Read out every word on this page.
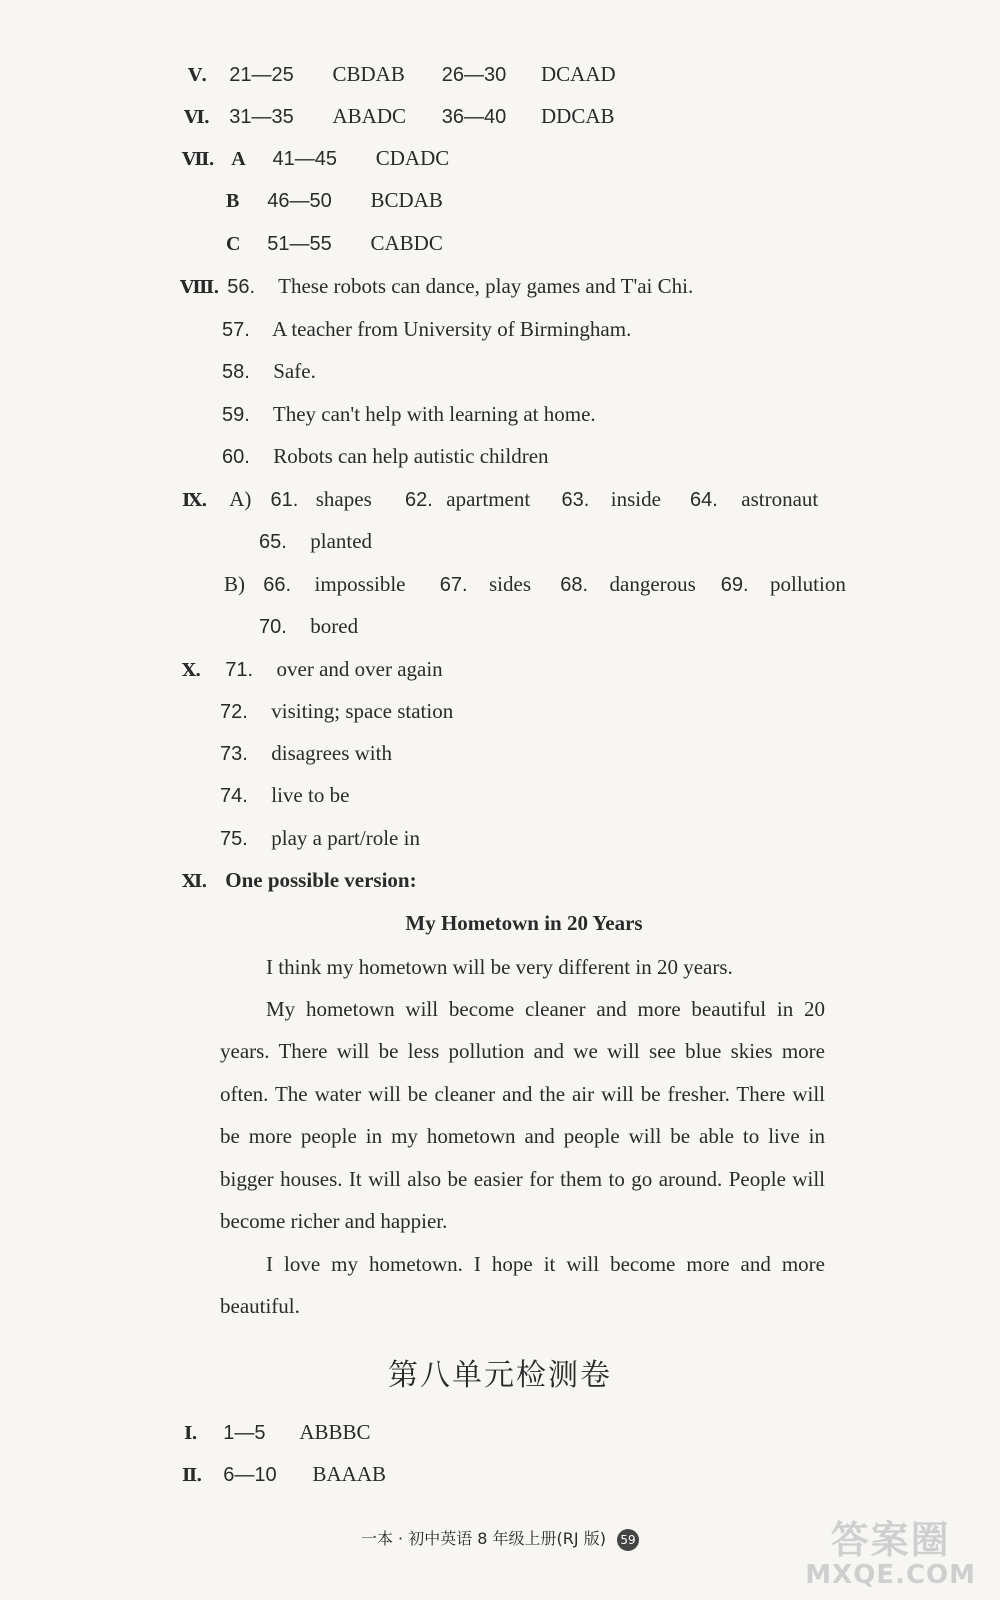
Ⅴ. 21—25 CBDAB 26—30 DCAAD
Ⅵ. 31—35 ABADC 36—40 DDCAB
Ⅶ. A 41—45 CDADC
B 46—50 BCDAB
C 51—55 CABDC
Ⅷ. 56. These robots can dance, play games and T'ai Chi.
57. A teacher from University of Birmingham.
58. Safe.
59. They can't help with learning at home.
60. Robots can help autistic children
Ⅸ. A) 61. shapes 62. apartment 63. inside 64. astronaut
65. planted
B) 66. impossible 67. sides 68. dangerous 69. pollution
70. bored
Ⅹ. 71. over and over again
72. visiting; space station
73. disagrees with
74. live to be
75. play a part/role in
Ⅺ. One possible version:
My Hometown in 20 Years
I think my hometown will be very different in 20 years.
My hometown will become cleaner and more beautiful in 20 years. There will be less pollution and we will see blue skies more often. The water will be cleaner and the air will be fresher. There will be more people in my hometown and people will be able to live in bigger houses. It will also be easier for them to go around. People will become richer and happier.
I love my hometown. I hope it will become more and more beautiful.
第八单元检测卷
Ⅰ. 1—5 ABBBC
Ⅱ. 6—10 BAAAB
一本 · 初中英语 8 年级上册(RJ 版) 59	答案圈
MXQE.COM
